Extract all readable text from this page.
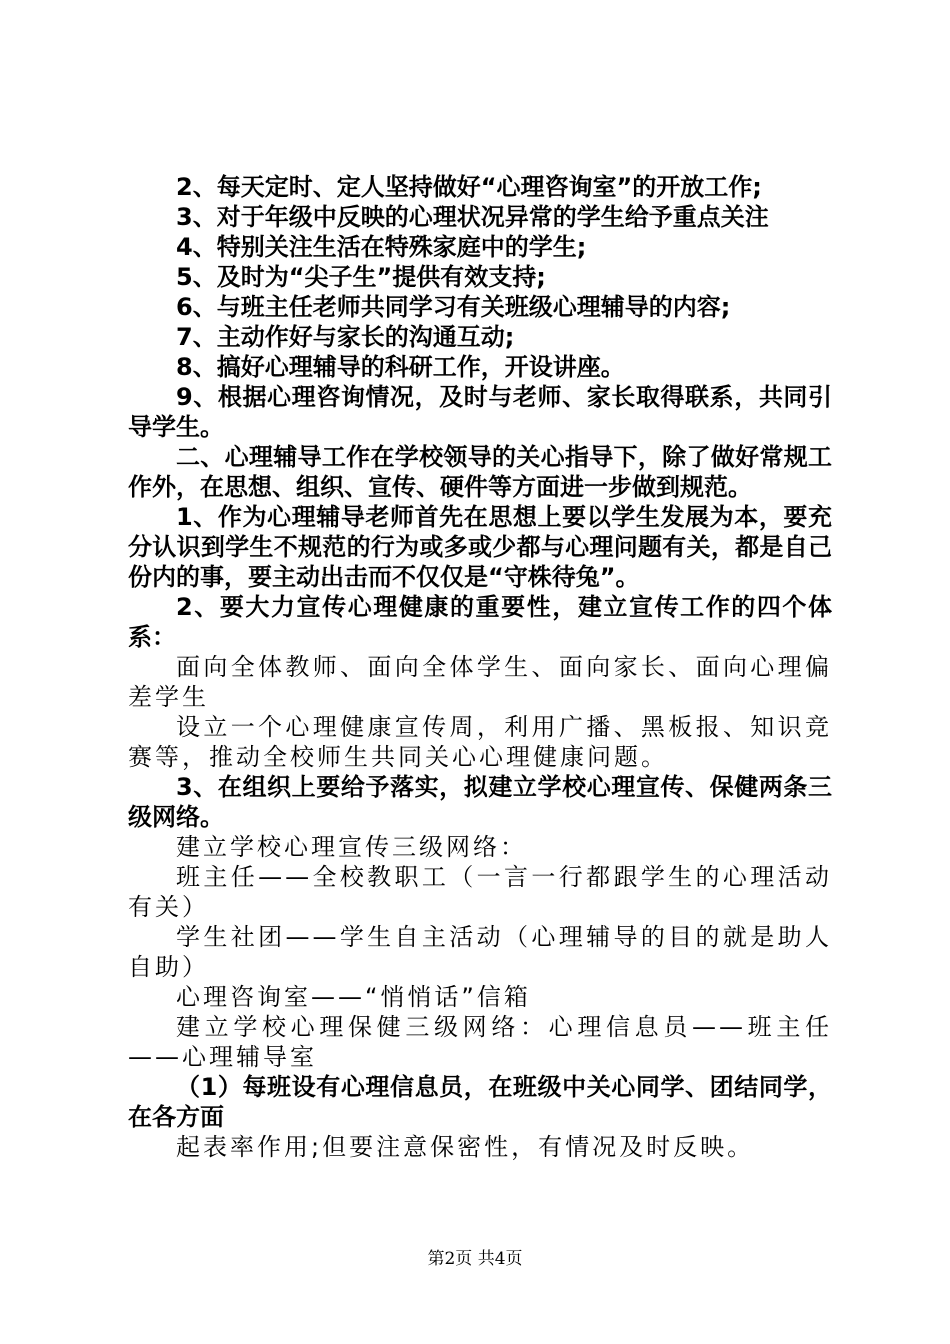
2、每天定时、定人坚持做好“心理咨询室”的开放工作;

3、对于年级中反映的心理状况异常的学生给予重点关注

4、特别关注生活在特殊家庭中的学生;

5、及时为“尖子生”提供有效支持;

6、与班主任老师共同学习有关班级心理辅导的内容;

7、主动作好与家长的沟通互动;

8、搞好心理辅导的科研工作，开设讲座。

9、根据心理咨询情况，及时与老师、家长取得联系，共同引导学生。

二、心理辅导工作在学校领导的关心指导下，除了做好常规工作外，在思想、组织、宣传、硬件等方面进一步做到规范。

1、作为心理辅导老师首先在思想上要以学生发展为本，要充分认识到学生不规范的行为或多或少都与心理问题有关，都是自己份内的事，要主动出击而不仅仅是“守株待兔”。

2、要大力宣传心理健康的重要性，建立宣传工作的四个体系：

面向全体教师、面向全体学生、面向家长、面向心理偏差学生

设立一个心理健康宣传周，利用广播、黑板报、知识竞赛等，推动全校师生共同关心心理健康问题。

3、在组织上要给予落实，拟建立学校心理宣传、保健两条三级网络。

建立学校心理宣传三级网络：

班主任——全校教职工（一言一行都跟学生的心理活动有关）

学生社团——学生自主活动（心理辅导的目的就是助人自助）

心理咨询室——“悄悄话”信箱

建立学校心理保健三级网络：心理信息员——班主任——心理辅导室

（1）每班设有心理信息员，在班级中关心同学、团结同学，在各方面

起表率作用;但要注意保密性，有情况及时反映。

第2页 共4页
